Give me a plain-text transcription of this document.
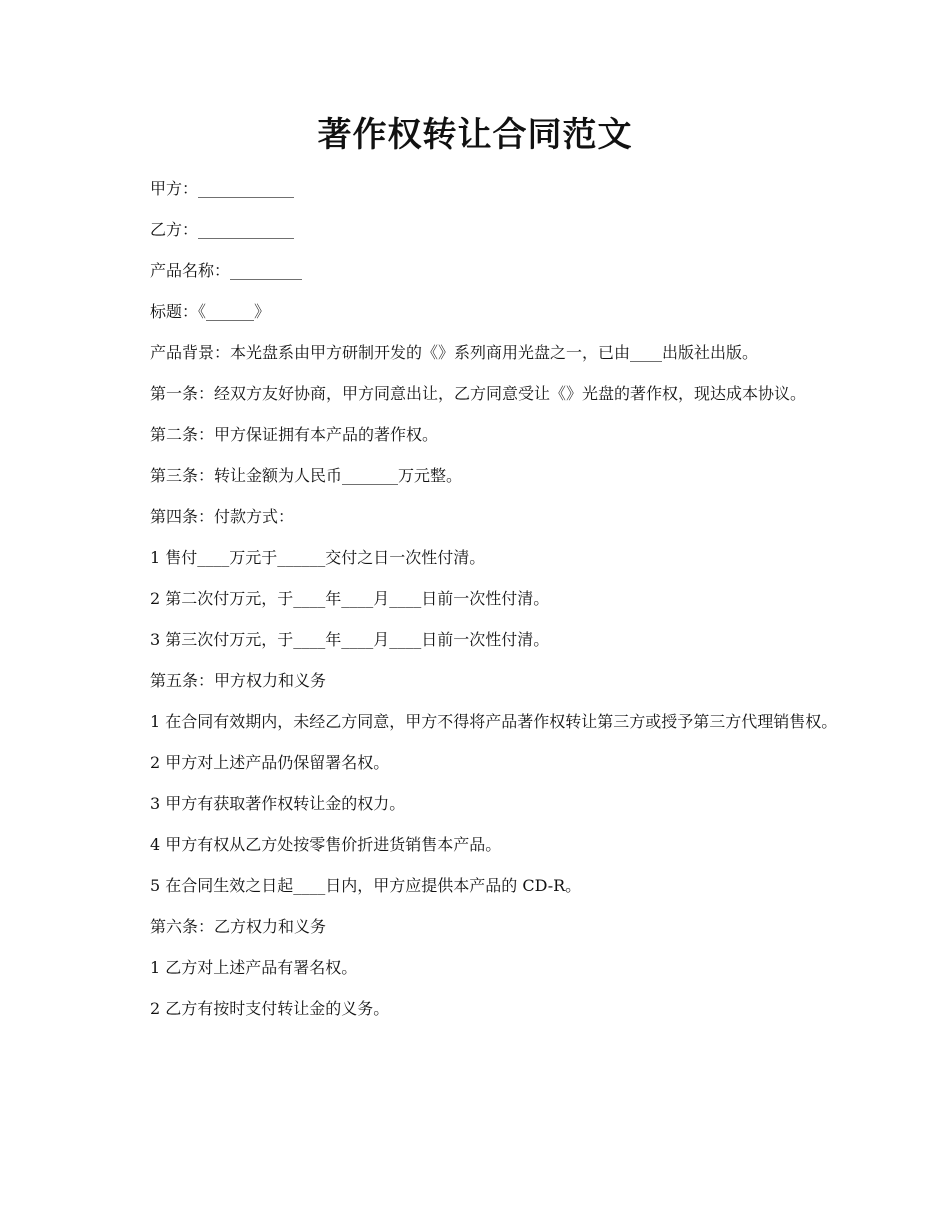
著作权转让合同范文

甲方：____________

乙方：____________

产品名称：_________

标题：《______》

产品背景：本光盘系由甲方研制开发的《》系列商用光盘之一，已由____出版社出版。

第一条：经双方友好协商，甲方同意出让，乙方同意受让《》光盘的著作权，现达成本协议。

第二条：甲方保证拥有本产品的著作权。

第三条：转让金额为人民币_______万元整。

第四条：付款方式：

1 售付____万元于______交付之日一次性付清。

2 第二次付万元，于____年____月____日前一次性付清。

3 第三次付万元，于____年____月____日前一次性付清。

第五条：甲方权力和义务

1 在合同有效期内，未经乙方同意，甲方不得将产品著作权转让第三方或授予第三方代理销售权。

2 甲方对上述产品仍保留署名权。

3 甲方有获取著作权转让金的权力。

4 甲方有权从乙方处按零售价折进货销售本产品。

5 在合同生效之日起____日内，甲方应提供本产品的 CD-R。

第六条：乙方权力和义务

1 乙方对上述产品有署名权。

2 乙方有按时支付转让金的义务。
